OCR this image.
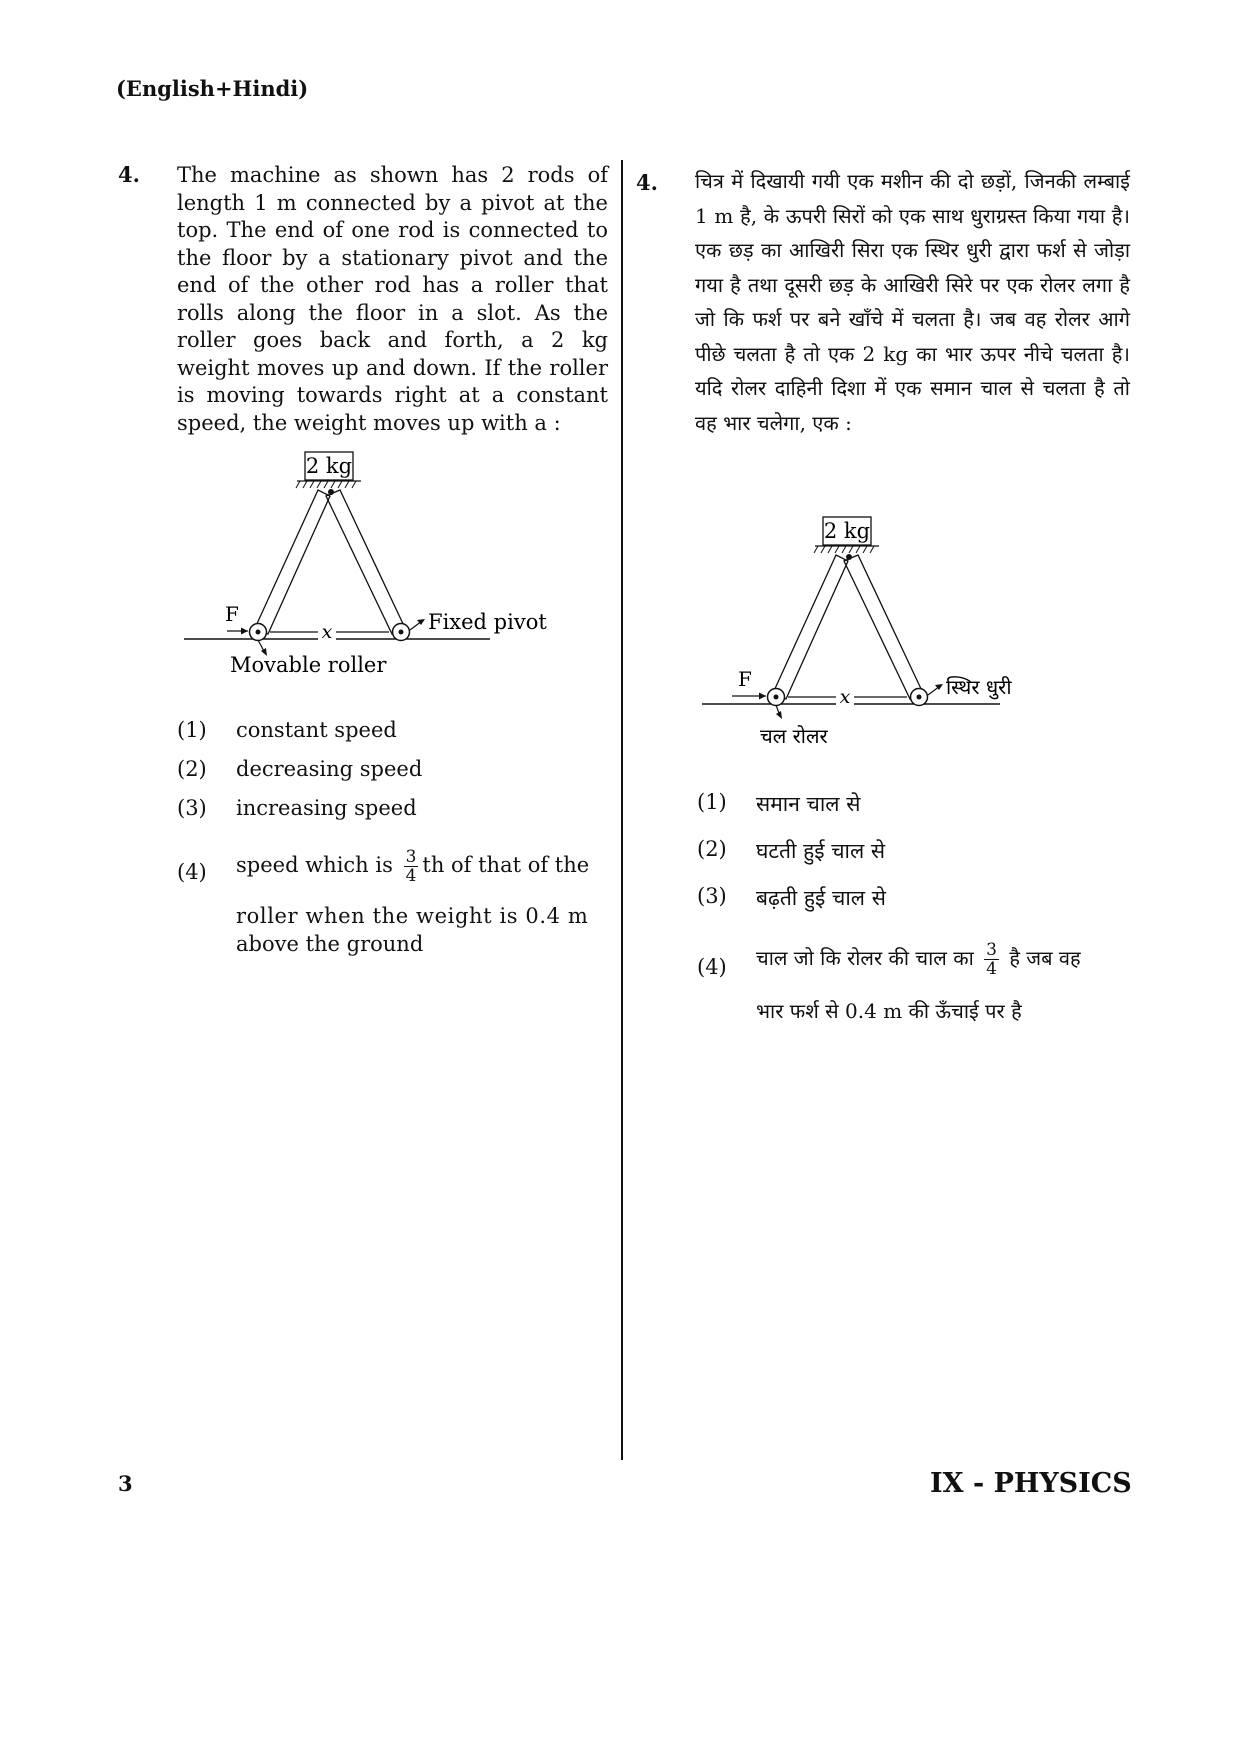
(English+Hindi)
4. The machine as shown has 2 rods of length 1 m connected by a pivot at the top. The end of one rod is connected to the floor by a stationary pivot and the end of the other rod has a roller that rolls along the floor in a slot. As the roller goes back and forth, a 2 kg weight moves up and down. If the roller is moving towards right at a constant speed, the weight moves up with a :
2 kg
x
F	Fixed pivot
Movable roller
(1) constant speed
(2) decreasing speed
(3) increasing speed
(4) speed which is $\frac{3}{4}$ th of that of the
roller when the weight is 0.4 m
above the ground
4. चित्र में दिखायी गयी एक मशीन की दो छड़ों, जिनकी लम्बाई 1 m है, के ऊपरी सिरों को एक साथ धुराग्रस्त किया गया है। एक छड़ का आखिरी सिरा एक स्थिर धुरी द्वारा फर्श से जोड़ा गया है तथा दूसरी छड़ के आखिरी सिरे पर एक रोलर लगा है जो कि फर्श पर बने खाँचे में चलता है। जब वह रोलर आगे पीछे चलता है तो एक 2 kg का भार ऊपर नीचे चलता है। यदि रोलर दाहिनी दिशा में एक समान चाल से चलता है तो वह भार चलेगा, एक :
2 kg
x
F	स्थिर धुरी
चल रोलर
(1) समान चाल से
(2) घटती हुई चाल से
(3) बढ़ती हुई चाल से
(4) चाल जो कि रोलर की चाल का $\frac{3}{4}$ है जब वह
भार फर्श से 0.4 m की ऊँचाई पर है
3	IX - PHYSICS
